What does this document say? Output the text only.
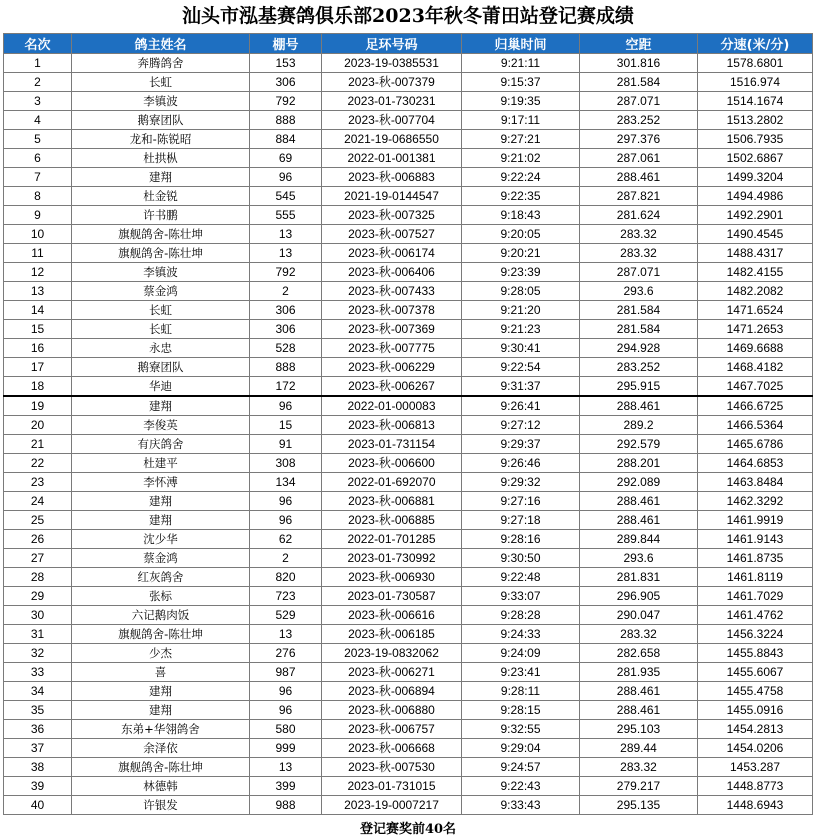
汕头市泓基赛鸽俱乐部2023年秋冬莆田站登记赛成绩
名次	鸽主姓名	棚号	足环号码	归巢时间	空距	分速(米/分)
1	奔腾鸽舍	153	2023-19-0385531	9:21:11	301.816	1578.6801
2	长虹	306	2023-秋-007379	9:15:37	281.584	1516.974
3	李镇波	792	2023-01-730231	9:19:35	287.071	1514.1674
4	鹅寮团队	888	2023-秋-007704	9:17:11	283.252	1513.2802
5	龙和-陈锐昭	884	2021-19-0686550	9:27:21	297.376	1506.7935
6	杜拱枞	69	2022-01-001381	9:21:02	287.061	1502.6867
7	建翔	96	2023-秋-006883	9:22:24	288.461	1499.3204
8	杜金锐	545	2021-19-0144547	9:22:35	287.821	1494.4986
9	许书鹏	555	2023-秋-007325	9:18:43	281.624	1492.2901
10	旗舰鸽舍-陈壮坤	13	2023-秋-007527	9:20:05	283.32	1490.4545
11	旗舰鸽舍-陈壮坤	13	2023-秋-006174	9:20:21	283.32	1488.4317
12	李镇波	792	2023-秋-006406	9:23:39	287.071	1482.4155
13	蔡金鸿	2	2023-秋-007433	9:28:05	293.6	1482.2082
14	长虹	306	2023-秋-007378	9:21:20	281.584	1471.6524
15	长虹	306	2023-秋-007369	9:21:23	281.584	1471.2653
16	永忠	528	2023-秋-007775	9:30:41	294.928	1469.6688
17	鹅寮团队	888	2023-秋-006229	9:22:54	283.252	1468.4182
18	华迪	172	2023-秋-006267	9:31:37	295.915	1467.7025
19	建翔	96	2022-01-000083	9:26:41	288.461	1466.6725
20	李俊英	15	2023-秋-006813	9:27:12	289.2	1466.5364
21	有庆鸽舍	91	2023-01-731154	9:29:37	292.579	1465.6786
22	杜建平	308	2023-秋-006600	9:26:46	288.201	1464.6853
23	李怀溥	134	2022-01-692070	9:29:32	292.089	1463.8484
24	建翔	96	2023-秋-006881	9:27:16	288.461	1462.3292
25	建翔	96	2023-秋-006885	9:27:18	288.461	1461.9919
26	沈少华	62	2022-01-701285	9:28:16	289.844	1461.9143
27	蔡金鸿	2	2023-01-730992	9:30:50	293.6	1461.8735
28	红灰鸽舍	820	2023-秋-006930	9:22:48	281.831	1461.8119
29	张标	723	2023-01-730587	9:33:07	296.905	1461.7029
30	六记鹅肉饭	529	2023-秋-006616	9:28:28	290.047	1461.4762
31	旗舰鸽舍-陈壮坤	13	2023-秋-006185	9:24:33	283.32	1456.3224
32	少杰	276	2023-19-0832062	9:24:09	282.658	1455.8843
33	喜	987	2023-秋-006271	9:23:41	281.935	1455.6067
34	建翔	96	2023-秋-006894	9:28:11	288.461	1455.4758
35	建翔	96	2023-秋-006880	9:28:15	288.461	1455.0916
36	东弟+华翎鸽舍	580	2023-秋-006757	9:32:55	295.103	1454.2813
37	余泽依	999	2023-秋-006668	9:29:04	289.44	1454.0206
38	旗舰鸽舍-陈壮坤	13	2023-秋-007530	9:24:57	283.32	1453.287
39	林德韩	399	2023-01-731015	9:22:43	279.217	1448.8773
40	许银发	988	2023-19-0007217	9:33:43	295.135	1448.6943
登记赛奖前40名
